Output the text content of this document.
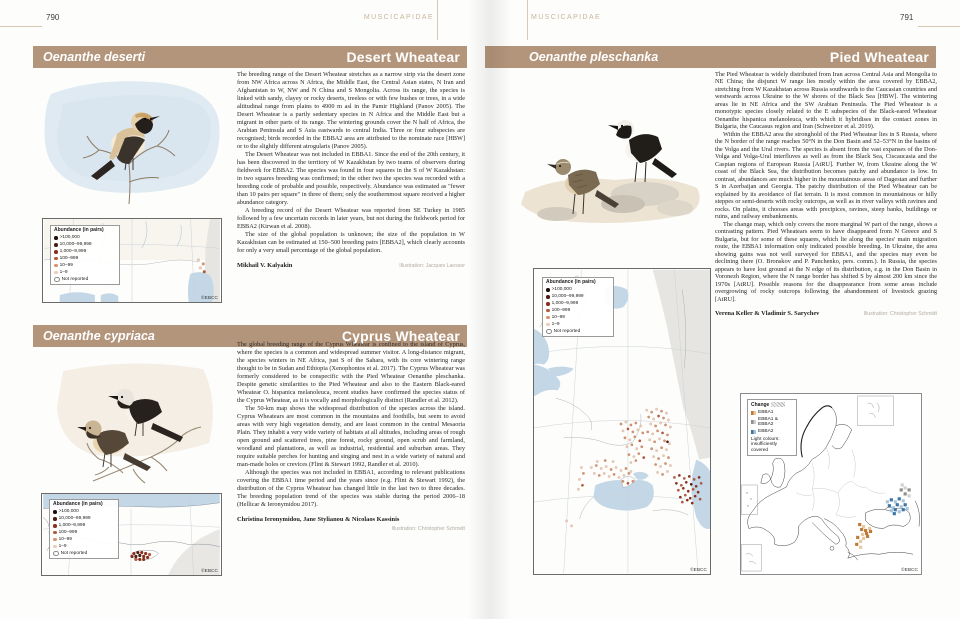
790	MUSCICAPIDAE
Oenanthe deserti	Desert Wheatear
Abundance (in pairs)
>100,000
10,000–99,999
1,000–9,999
100–999
10–99
1–9
Not reported
©EBCC

The breeding range of the Desert Wheatear stretches as a narrow strip via the desert zone from NW Africa across N Africa, the Middle East, the Central Asian states, N Iran and Afghanistan to W, NW and N China and S Mongolia. Across its range, the species is linked with sandy, clayey or rocky deserts, treeless or with few bushes or trees, in a wide altitudinal range from plains to 4900 m asl in the Pamir Highland (Panov 2005). The Desert Wheatear is a partly sedentary species in N Africa and the Middle East but a migrant in other parts of its range. The wintering grounds cover the N half of Africa, the Arabian Peninsula and S Asia eastwards to central India. Three or four subspecies are recognised; birds recorded in the EBBA2 area are attributed to the nominate race [HBW] or to the slightly different atrogularis (Panov 2005).

The Desert Wheatear was not included in EBBA1. Since the end of the 20th century, it has been discovered in the territory of W Kazakhstan by two teams of observers during fieldwork for EBBA2. The species was found in four squares in the S of W Kazakhstan: in two squares breeding was confirmed; in the other two the species was recorded with a breeding code of probable and possible, respectively. Abundance was estimated as "fewer than 10 pairs per square" in three of them; only the southernmost square received a higher abundance category.

A breeding record of the Desert Wheatear was reported from SE Turkey in 1985 followed by a few uncertain records in later years, but not during the fieldwork period for EBBA2 (Kirwan et al. 2008).

The size of the global population is unknown; the size of the population in W Kazakhstan can be estimated at 150–500 breeding pairs [EBBA2], which clearly accounts for only a very small percentage of the global population.

Mikhail V. Kalyakin	Illustration: Jacques Laesser
Oenanthe cypriaca	Cyprus Wheatear
Abundance (in pairs)
>100,000
10,000–99,999
1,000–9,999
100–999
10–99
1–9
Not reported
©EBCC

The global breeding range of the Cyprus Wheatear is confined to the island of Cyprus, where the species is a common and widespread summer visitor. A long-distance migrant, the species winters in NE Africa, just S of the Sahara, with its core wintering range thought to be in Sudan and Ethiopia (Xenophontos et al. 2017). The Cyprus Wheatear was formerly considered to be conspecific with the Pied Wheatear Oenanthe pleschanka. Despite genetic similarities to the Pied Wheatear and also to the Eastern Black-eared Wheatear O. hispanica melanoleuca, recent studies have confirmed the species status of the Cyprus Wheatear, as it is vocally and morphologically distinct (Randler et al. 2012).

The 50-km map shows the widespread distribution of the species across the island. Cyprus Wheatears are most common in the mountains and foothills, but seem to avoid areas with very high vegetation density, and are least common in the central Mesaoria Plain. They inhabit a very wide variety of habitats at all altitudes, including areas of rough open ground and scattered trees, pine forest, rocky ground, open scrub and farmland, woodland and plantations, as well as industrial, residential and suburban areas. They require suitable perches for hunting and singing and nest in a wide variety of natural and man-made holes or crevices (Flint & Stewart 1992, Randler et al. 2010).

Although the species was not included in EBBA1, according to relevant publications covering the EBBA1 time period and the years since (e.g. Flint & Stewart 1992), the distribution of the Cyprus Wheatear has changed little in the last two to three decades. The breeding population trend of the species was stable during the period 2006–18 (Hellicar & Ieronymidou 2017).

Christina Ieronymidou, Jane Stylianou & Nicolaos Kassinis
Illustration: Christopher Schmidt
MUSCICAPIDAE	791
Oenanthe pleschanka	Pied Wheatear
Abundance (in pairs)
>100,000
10,000–99,999
1,000–9,999
100–999
10–99
1–9
Not reported
©EBCC

The Pied Wheatear is widely distributed from Iran across Central Asia and Mongolia to NE China; the disjunct W range lies mostly within the area covered by EBBA2, stretching from W Kazakhstan across Russia southwards to the Caucasian countries and westwards across Ukraine to the W shores of the Black Sea [HBW]. The wintering areas lie in NE Africa and the SW Arabian Peninsula. The Pied Wheatear is a monotypic species closely related to the E subspecies of the Black-eared Wheatear Oenanthe hispanica melanoleuca, with which it hybridises in the contact zones in Bulgaria, the Caucasus region and Iran (Schweizer et al. 2019).

Within the EBBA2 area the stronghold of the Pied Wheatear lies in S Russia, where the N border of the range reaches 50°N in the Don Basin and 52–53°N in the basins of the Volga and the Ural rivers. The species is absent from the vast expanses of the Don-Volga and Volga-Ural interfluves as well as from the Black Sea, Ciscaucasia and the Caspian regions of European Russia [AtRU]. Further W, from Ukraine along the W coast of the Black Sea, the distribution becomes patchy and abundance is low. In contrast, abundances are much higher in the mountainous areas of Dagestan and further S in Azerbaijan and Georgia. The patchy distribution of the Pied Wheatear can be explained by its avoidance of flat terrain. It is most common in mountainous or hilly steppes or semi-deserts with rocky outcrops, as well as in river valleys with ravines and rocks. On plains, it chooses areas with precipices, ravines, steep banks, buildings or ruins, and railway embankments.

The change map, which only covers the more marginal W part of the range, shows a contrasting pattern. Pied Wheatears seem to have disappeared from N Greece and S Bulgaria, but for some of these squares, which lie along the species' main migration route, the EBBA1 information only indicated possible breeding. In Ukraine, the area showing gains was not well surveyed for EBBA1, and the species may even be declining there (O. Bronskov and P. Panchenko, pers. comm.). In Russia, the species appears to have lost ground at the N edge of its distribution, e.g. in the Don Basin in Voronezh Region, where the N range border has shifted S by almost 200 km since the 1970s [AtRU]. Possible reasons for the disappearance from some areas include overgrowing of rocky outcrops following the abandonment of livestock grazing [AtRU].

Verena Keller & Vladimir S. Sarychev	Illustration: Christopher Schmidt
Change
EBBA1
EBBA1 & EBBA2
EBBA2
Light colours: insufficiently covered
©EBCC
